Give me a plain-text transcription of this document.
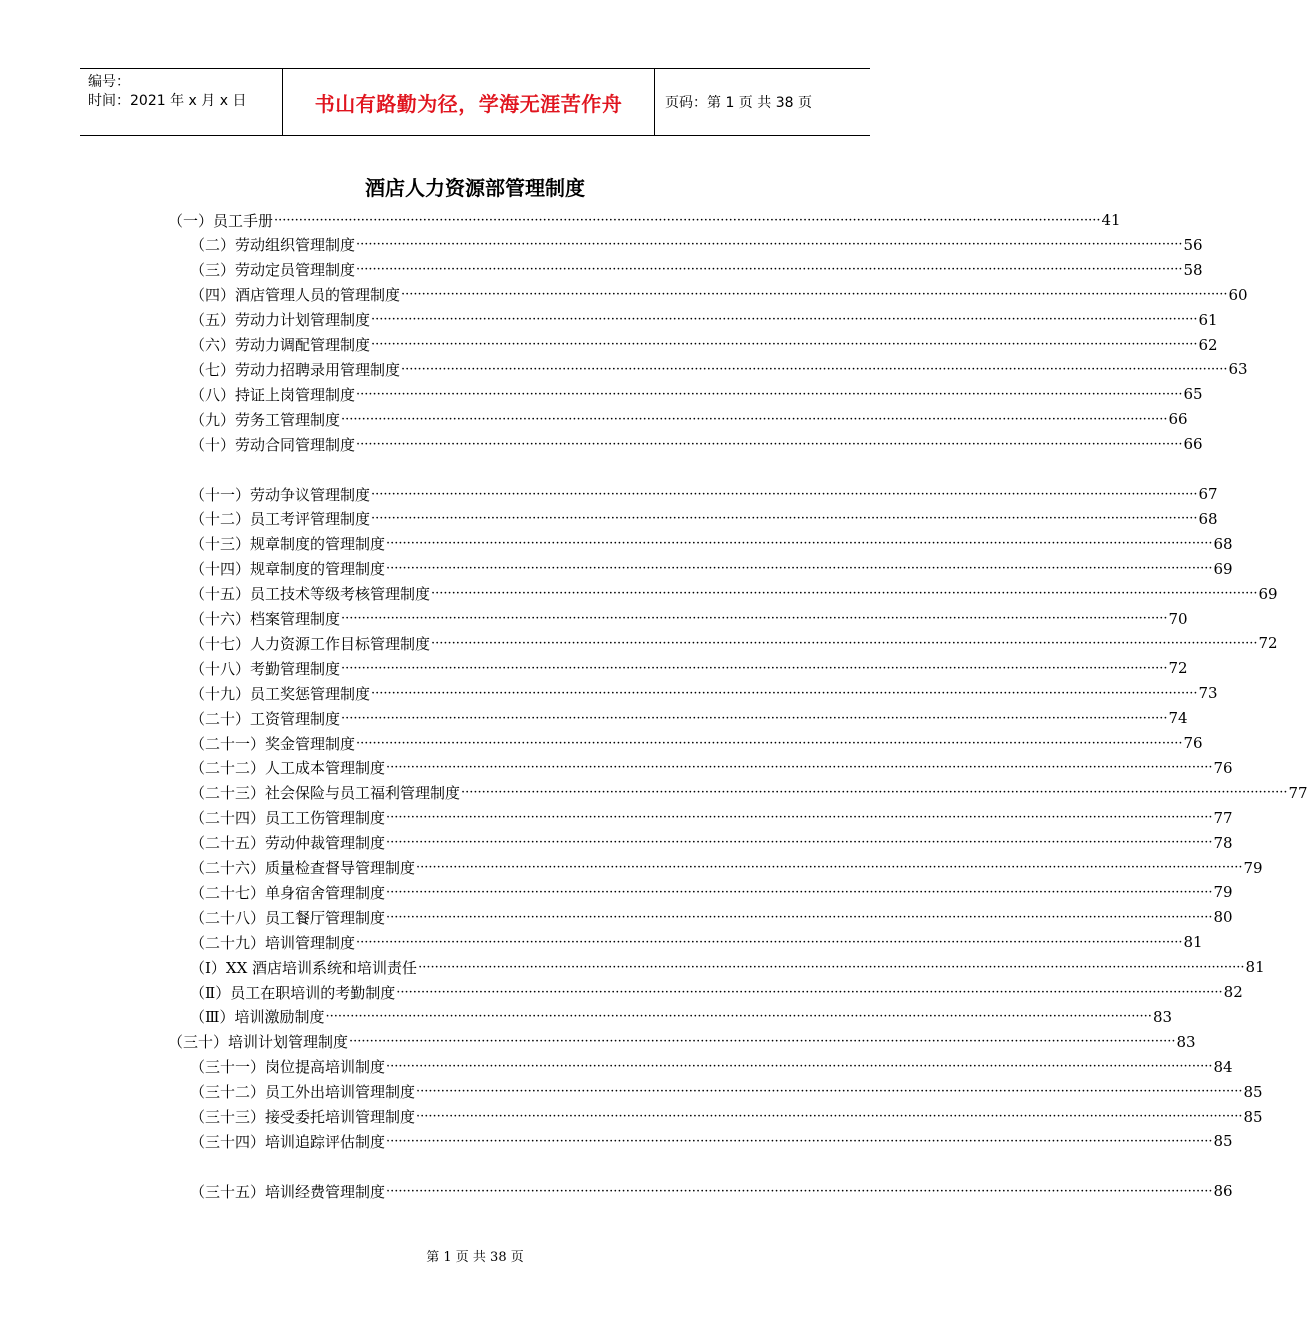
编号：
时间：2021 年 x 月 x 日	书山有路勤为径，学海无涯苦作舟	页码：第 1 页 共 38 页
酒店人力资源部管理制度
（一）员工手册 ········································································································································································································ 41
（二）劳动组织管理制度 ········································································································································································································ 56
（三）劳动定员管理制度 ········································································································································································································ 58
（四）酒店管理人员的管理制度 ········································································································································································································ 60
（五）劳动力计划管理制度 ········································································································································································································ 61
（六）劳动力调配管理制度 ········································································································································································································ 62
（七）劳动力招聘录用管理制度 ········································································································································································································ 63
（八）持证上岗管理制度 ········································································································································································································ 65
（九）劳务工管理制度 ········································································································································································································ 66
（十）劳动合同管理制度 ········································································································································································································ 66
（十一）劳动争议管理制度 ········································································································································································································ 67
（十二）员工考评管理制度 ········································································································································································································ 68
（十三）规章制度的管理制度 ········································································································································································································ 68
（十四）规章制度的管理制度 ········································································································································································································ 69
（十五）员工技术等级考核管理制度 ········································································································································································································ 69
（十六）档案管理制度 ········································································································································································································ 70
（十七）人力资源工作目标管理制度 ········································································································································································································ 72
（十八）考勤管理制度 ········································································································································································································ 72
（十九）员工奖惩管理制度 ········································································································································································································ 73
（二十）工资管理制度 ········································································································································································································ 74
（二十一）奖金管理制度 ········································································································································································································ 76
（二十二）人工成本管理制度 ········································································································································································································ 76
（二十三）社会保险与员工福利管理制度 ········································································································································································································ 77
（二十四）员工工伤管理制度 ········································································································································································································ 77
（二十五）劳动仲裁管理制度 ········································································································································································································ 78
（二十六）质量检查督导管理制度 ········································································································································································································ 79
（二十七）单身宿舍管理制度 ········································································································································································································ 79
（二十八）员工餐厅管理制度 ········································································································································································································ 80
（二十九）培训管理制度 ········································································································································································································ 81
（Ⅰ）XX 酒店培训系统和培训责任 ········································································································································································································ 81
（Ⅱ）员工在职培训的考勤制度 ········································································································································································································ 82
（Ⅲ）培训激励制度 ········································································································································································································ 83
（三十）培训计划管理制度 ········································································································································································································ 83
（三十一）岗位提高培训制度 ········································································································································································································ 84
（三十二）员工外出培训管理制度 ········································································································································································································ 85
（三十三）接受委托培训管理制度 ········································································································································································································ 85
（三十四）培训追踪评估制度 ········································································································································································································ 85
（三十五）培训经费管理制度 ········································································································································································································ 86
第 1 页 共 38 页
